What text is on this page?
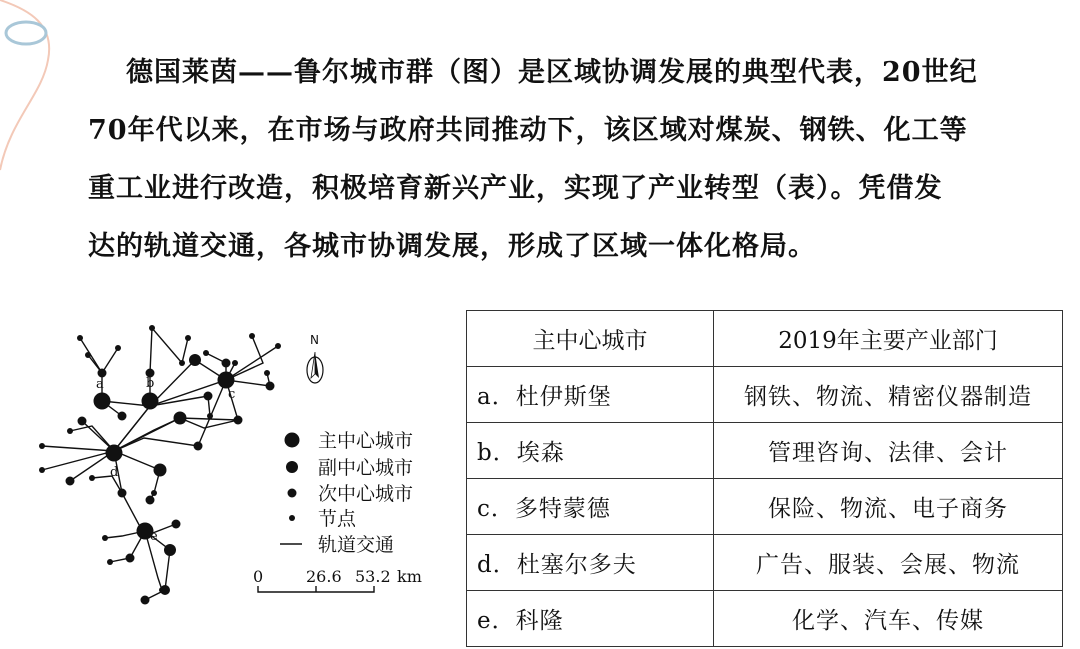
德国莱茵——鲁尔城市群（图）是区域协调发展的典型代表，20世纪
70年代以来，在市场与政府共同推动下，该区域对煤炭、钢铁、化工等
重工业进行改造，积极培育新兴产业，实现了产业转型（表）。凭借发
达的轨道交通，各城市协调发展，形成了区域一体化格局。

a	b
c
d
e
N
主中心城市
副中心城市
次中心城市
节点
轨道交通
0	26.6 53.2 km
主中心城市	2019年主要产业部门
a．杜伊斯堡	钢铁、物流、精密仪器制造
b．埃森	管理咨询、法律、会计
c．多特蒙德	保险、物流、电子商务
d．杜塞尔多夫	广告、服装、会展、物流
e．科隆	化学、汽车、传媒
